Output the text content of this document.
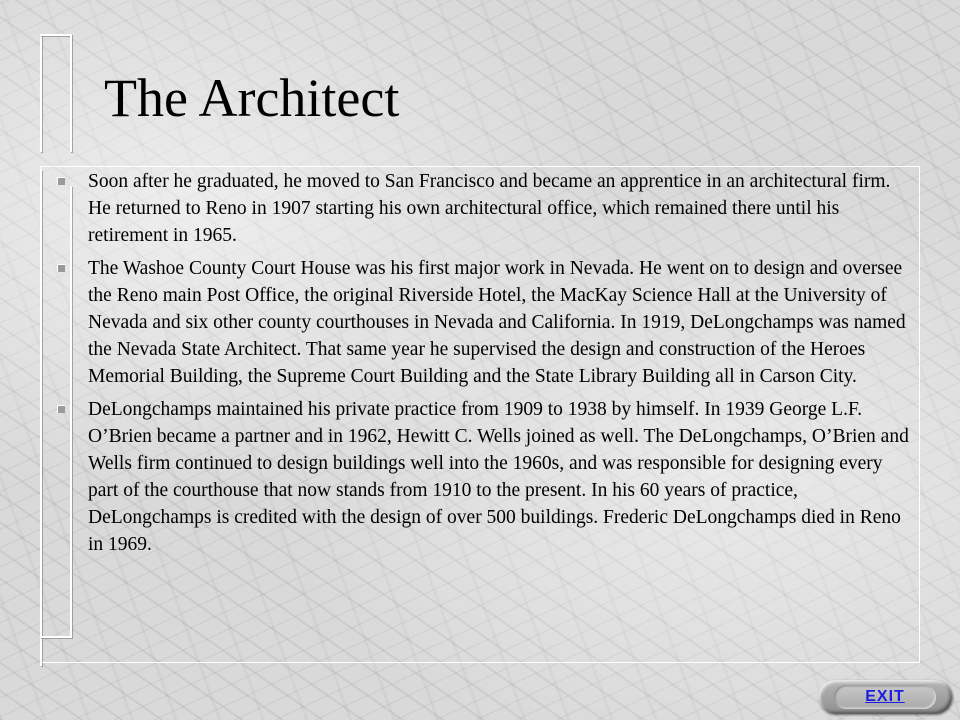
The Architect
Soon after he graduated, he moved to San Francisco and became an apprentice in an architectural firm. He returned to Reno in 1907 starting his own architectural office, which remained there until his retirement in 1965.
The Washoe County Court House was his first major work in Nevada. He went on to design and oversee the Reno main Post Office, the original Riverside Hotel, the MacKay Science Hall at the University of Nevada and six other county courthouses in Nevada and California. In 1919, DeLongchamps was named the Nevada State Architect. That same year he supervised the design and construction of the Heroes Memorial Building, the Supreme Court Building and the State Library Building all in Carson City.
DeLongchamps maintained his private practice from 1909 to 1938 by himself. In 1939 George L.F. O’Brien became a partner and in 1962, Hewitt C. Wells joined as well. The DeLongchamps, O’Brien and Wells firm continued to design buildings well into the 1960s, and was responsible for designing every part of the courthouse that now stands from 1910 to the present. In his 60 years of practice, DeLongchamps is credited with the design of over 500 buildings. Frederic DeLongchamps died in Reno in 1969.
EXIT
